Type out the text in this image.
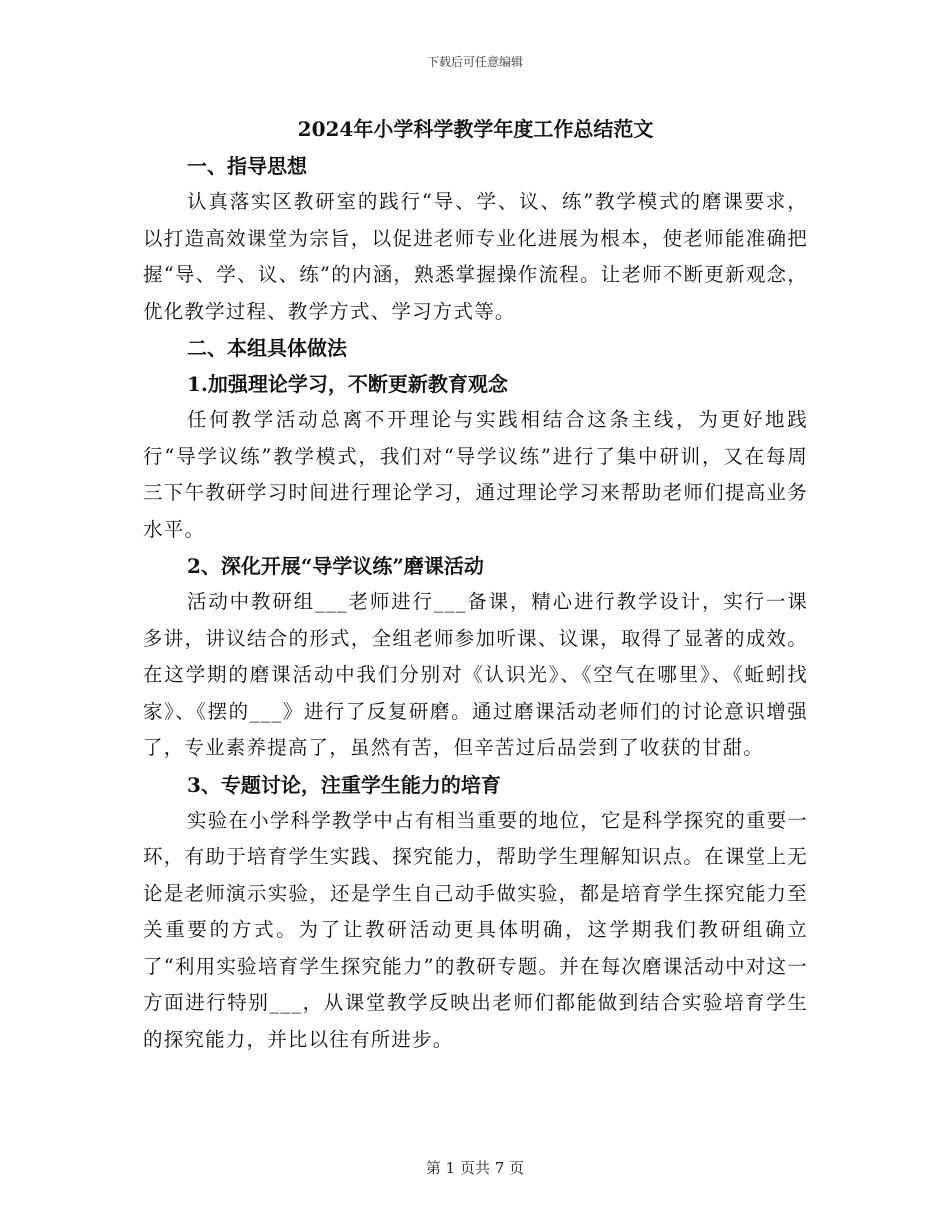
下载后可任意编辑
2024年小学科学教学年度工作总结范文
一、指导思想

认真落实区教研室的践行“导、学、议、练”教学模式的磨课要求，以打造高效课堂为宗旨，以促进老师专业化进展为根本，使老师能准确把握“导、学、议、练”的内涵，熟悉掌握操作流程。让老师不断更新观念，优化教学过程、教学方式、学习方式等。

二、本组具体做法
1.加强理论学习，不断更新教育观念

任何教学活动总离不开理论与实践相结合这条主线，为更好地践行“导学议练”教学模式，我们对“导学议练”进行了集中研训，又在每周三下午教研学习时间进行理论学习，通过理论学习来帮助老师们提高业务水平。

2、深化开展“导学议练”磨课活动

活动中教研组___老师进行___备课，精心进行教学设计，实行一课多讲，讲议结合的形式，全组老师参加听课、议课，取得了显著的成效。在这学期的磨课活动中我们分别对《认识光》、《空气在哪里》、《蚯蚓找家》、《摆的___》进行了反复研磨。通过磨课活动老师们的讨论意识增强了，专业素养提高了，虽然有苦，但辛苦过后品尝到了收获的甘甜。

3、专题讨论，注重学生能力的培育

实验在小学科学教学中占有相当重要的地位，它是科学探究的重要一环，有助于培育学生实践、探究能力，帮助学生理解知识点。在课堂上无论是老师演示实验，还是学生自己动手做实验，都是培育学生探究能力至关重要的方式。为了让教研活动更具体明确，这学期我们教研组确立了“利用实验培育学生探究能力”的教研专题。并在每次磨课活动中对这一方面进行特别___，从课堂教学反映出老师们都能做到结合实验培育学生的探究能力，并比以往有所进步。

第 1 页共 7 页
